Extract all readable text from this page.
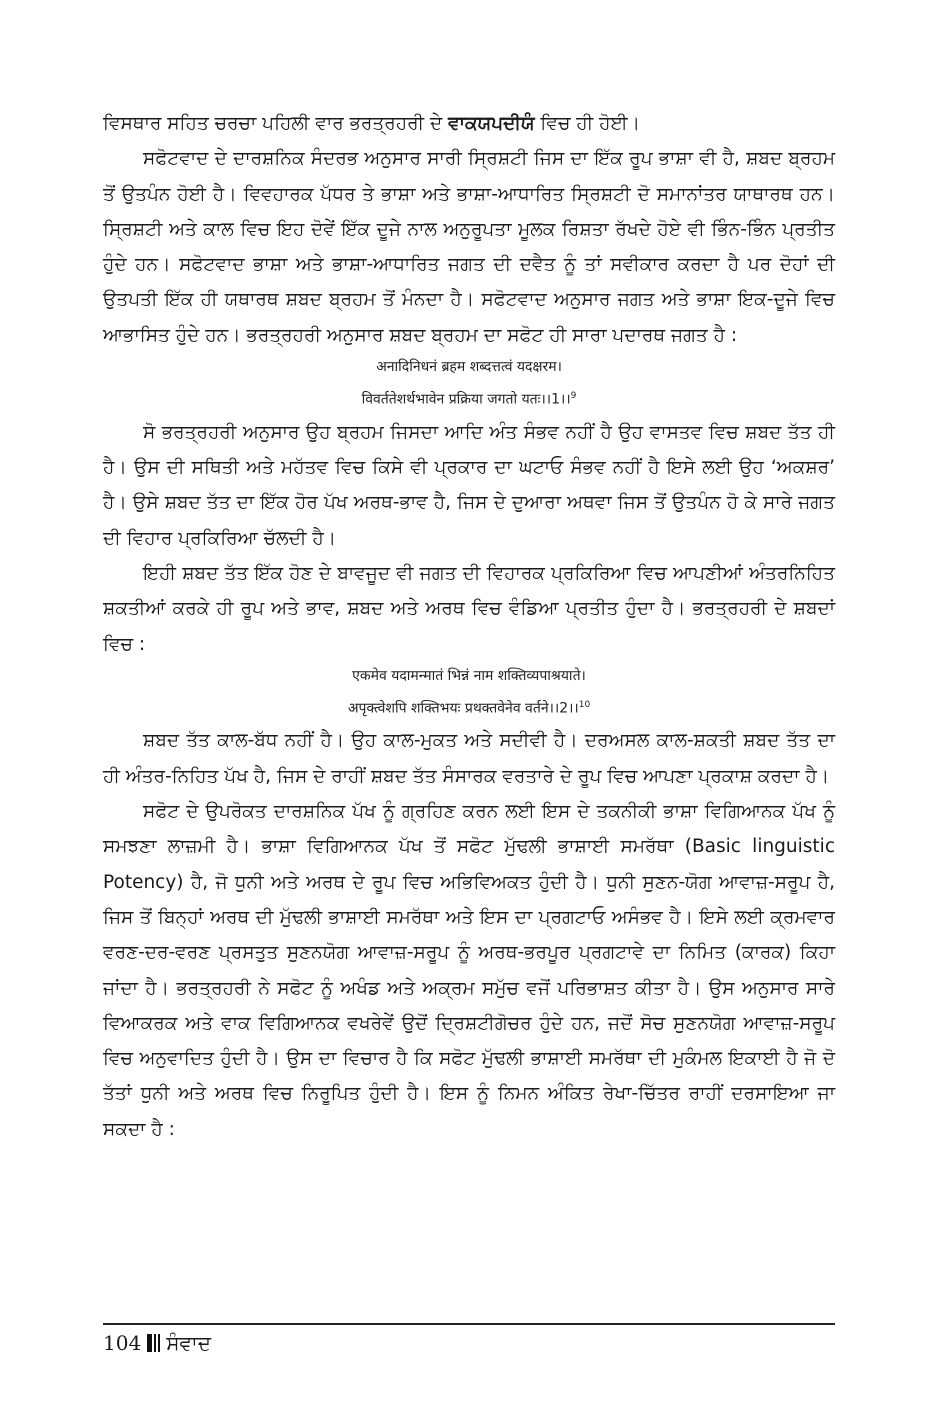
ਵਿਸਥਾਰ ਸਹਿਤ ਚਰਚਾ ਪਹਿਲੀ ਵਾਰ ਭਰਤ੍ਰਹਰੀ ਦੇ ਵਾਕਯਪਦੀਯੰ ਵਿਚ ਹੀ ਹੋਈ।

ਸਫੋਟਵਾਦ ਦੇ ਦਾਰਸ਼ਨਿਕ ਸੰਦਰਭ ਅਨੁਸਾਰ ਸਾਰੀ ਸ੍ਰਿਸ਼ਟੀ ਜਿਸ ਦਾ ਇੱਕ ਰੂਪ ਭਾਸ਼ਾ ਵੀ ਹੈ, ਸ਼ਬਦ ਬ੍ਰਹਮ ਤੋਂ ਉਤਪੰਨ ਹੋਈ ਹੈ। ਵਿਵਹਾਰਕ ਪੱਧਰ ਤੇ ਭਾਸ਼ਾ ਅਤੇ ਭਾਸ਼ਾ-ਆਧਾਰਿਤ ਸ੍ਰਿਸ਼ਟੀ ਦੋ ਸਮਾਨਾਂਤਰ ਯਾਥਾਰਥ ਹਨ। ਸ੍ਰਿਸ਼ਟੀ ਅਤੇ ਕਾਲ ਵਿਚ ਇਹ ਦੋਵੇਂ ਇੱਕ ਦੂਜੇ ਨਾਲ ਅਨੁਰੂਪਤਾ ਮੂਲਕ ਰਿਸ਼ਤਾ ਰੱਖਦੇ ਹੋਏ ਵੀ ਭਿੰਨ-ਭਿੰਨ ਪ੍ਰਤੀਤ ਹੁੰਦੇ ਹਨ। ਸਫੋਟਵਾਦ ਭਾਸ਼ਾ ਅਤੇ ਭਾਸ਼ਾ-ਆਧਾਰਿਤ ਜਗਤ ਦੀ ਦਵੈਤ ਨੂੰ ਤਾਂ ਸਵੀਕਾਰ ਕਰਦਾ ਹੈ ਪਰ ਦੋਹਾਂ ਦੀ ਉਤਪਤੀ ਇੱਕ ਹੀ ਯਥਾਰਥ ਸ਼ਬਦ ਬ੍ਰਹਮ ਤੋਂ ਮੰਨਦਾ ਹੈ। ਸਫੋਟਵਾਦ ਅਨੁਸਾਰ ਜਗਤ ਅਤੇ ਭਾਸ਼ਾ ਇਕ-ਦੂਜੇ ਵਿਚ ਆਭਾਸਿਤ ਹੁੰਦੇ ਹਨ। ਭਰਤ੍ਰਹਰੀ ਅਨੁਸਾਰ ਸ਼ਬਦ ਬ੍ਰਹਮ ਦਾ ਸਫੋਟ ਹੀ ਸਾਰਾ ਪਦਾਰਥ ਜਗਤ ਹੈ :

अनादिनिधनं ब्रहम शब्दत्तत्वं यदक्षरम।

विवर्ततेशर्थभावेन प्रक्रिया जगतो यतः।।1।।$^9$

ਸੋ ਭਰਤ੍ਰਹਰੀ ਅਨੁਸਾਰ ਉਹ ਬ੍ਰਹਮ ਜਿਸਦਾ ਆਦਿ ਅੰਤ ਸੰਭਵ ਨਹੀਂ ਹੈ ਉਹ ਵਾਸਤਵ ਵਿਚ ਸ਼ਬਦ ਤੱਤ ਹੀ ਹੈ। ਉਸ ਦੀ ਸਥਿਤੀ ਅਤੇ ਮਹੱਤਵ ਵਿਚ ਕਿਸੇ ਵੀ ਪ੍ਰਕਾਰ ਦਾ ਘਟਾਓ ਸੰਭਵ ਨਹੀਂ ਹੈ ਇਸੇ ਲਈ ਉਹ ‘ਅਕਸ਼ਰ’ ਹੈ। ਉਸੇ ਸ਼ਬਦ ਤੱਤ ਦਾ ਇੱਕ ਹੋਰ ਪੱਖ ਅਰਥ-ਭਾਵ ਹੈ, ਜਿਸ ਦੇ ਦੁਆਰਾ ਅਥਵਾ ਜਿਸ ਤੋਂ ਉਤਪੰਨ ਹੋ ਕੇ ਸਾਰੇ ਜਗਤ ਦੀ ਵਿਹਾਰ ਪ੍ਰਕਿਰਿਆ ਚੱਲਦੀ ਹੈ।

ਇਹੀ ਸ਼ਬਦ ਤੱਤ ਇੱਕ ਹੋਣ ਦੇ ਬਾਵਜੂਦ ਵੀ ਜਗਤ ਦੀ ਵਿਹਾਰਕ ਪ੍ਰਕਿਰਿਆ ਵਿਚ ਆਪਣੀਆਂ ਅੰਤਰਨਿਹਿਤ ਸ਼ਕਤੀਆਂ ਕਰਕੇ ਹੀ ਰੂਪ ਅਤੇ ਭਾਵ, ਸ਼ਬਦ ਅਤੇ ਅਰਥ ਵਿਚ ਵੰਡਿਆ ਪ੍ਰਤੀਤ ਹੁੰਦਾ ਹੈ। ਭਰਤ੍ਰਹਰੀ ਦੇ ਸ਼ਬਦਾਂ ਵਿਚ :

एकमेव यदामन्मातं भिन्नं नाम शक्तिव्यपाश्रयाते।

अपृक्त्वेशपि शक्तिभयः प्रथक्तवेनेव वर्तने।।2।।$^{10}$

ਸ਼ਬਦ ਤੱਤ ਕਾਲ-ਬੱਧ ਨਹੀਂ ਹੈ। ਉਹ ਕਾਲ-ਮੁਕਤ ਅਤੇ ਸਦੀਵੀ ਹੈ। ਦਰਅਸਲ ਕਾਲ-ਸ਼ਕਤੀ ਸ਼ਬਦ ਤੱਤ ਦਾ ਹੀ ਅੰਤਰ-ਨਿਹਿਤ ਪੱਖ ਹੈ, ਜਿਸ ਦੇ ਰਾਹੀਂ ਸ਼ਬਦ ਤੱਤ ਸੰਸਾਰਕ ਵਰਤਾਰੇ ਦੇ ਰੂਪ ਵਿਚ ਆਪਣਾ ਪ੍ਰਕਾਸ਼ ਕਰਦਾ ਹੈ।

ਸਫੋਟ ਦੇ ਉਪਰੋਕਤ ਦਾਰਸ਼ਨਿਕ ਪੱਖ ਨੂੰ ਗ੍ਰਹਿਣ ਕਰਨ ਲਈ ਇਸ ਦੇ ਤਕਨੀਕੀ ਭਾਸ਼ਾ ਵਿਗਿਆਨਕ ਪੱਖ ਨੂੰ ਸਮਝਣਾ ਲਾਜ਼ਮੀ ਹੈ। ਭਾਸ਼ਾ ਵਿਗਿਆਨਕ ਪੱਖ ਤੋਂ ਸਫੋਟ ਮੁੱਢਲੀ ਭਾਸ਼ਾਈ ਸਮਰੱਥਾ (Basic linguistic Potency) ਹੈ, ਜੋ ਧੁਨੀ ਅਤੇ ਅਰਥ ਦੇ ਰੂਪ ਵਿਚ ਅਭਿਵਿਅਕਤ ਹੁੰਦੀ ਹੈ। ਧੁਨੀ ਸੁਣਨ-ਯੋਗ ਆਵਾਜ਼-ਸਰੂਪ ਹੈ, ਜਿਸ ਤੋਂ ਬਿਨ੍ਹਾਂ ਅਰਥ ਦੀ ਮੁੱਢਲੀ ਭਾਸ਼ਾਈ ਸਮਰੱਥਾ ਅਤੇ ਇਸ ਦਾ ਪ੍ਰਗਟਾਓ ਅਸੰਭਵ ਹੈ। ਇਸੇ ਲਈ ਕ੍ਰਮਵਾਰ ਵਰਣ-ਦਰ-ਵਰਣ ਪ੍ਰਸਤੁਤ ਸੁਣਨਯੋਗ ਆਵਾਜ਼-ਸਰੂਪ ਨੂੰ ਅਰਥ-ਭਰਪੂਰ ਪ੍ਰਗਟਾਵੇ ਦਾ ਨਿਮਿਤ (ਕਾਰਕ) ਕਿਹਾ ਜਾਂਦਾ ਹੈ। ਭਰਤ੍ਰਹਰੀ ਨੇ ਸਫੋਟ ਨੂੰ ਅਖੰਡ ਅਤੇ ਅਕ੍ਰਮ ਸਮੁੱਚ ਵਜੋਂ ਪਰਿਭਾਸ਼ਤ ਕੀਤਾ ਹੈ। ਉਸ ਅਨੁਸਾਰ ਸਾਰੇ ਵਿਆਕਰਕ ਅਤੇ ਵਾਕ ਵਿਗਿਆਨਕ ਵਖਰੇਵੇਂ ਉਦੋਂ ਦ੍ਰਿਸ਼ਟੀਗੋਚਰ ਹੁੰਦੇ ਹਨ, ਜਦੋਂ ਸੋਚ ਸੁਣਨਯੋਗ ਆਵਾਜ਼-ਸਰੂਪ ਵਿਚ ਅਨੁਵਾਦਿਤ ਹੁੰਦੀ ਹੈ। ਉਸ ਦਾ ਵਿਚਾਰ ਹੈ ਕਿ ਸਫੋਟ ਮੁੱਢਲੀ ਭਾਸ਼ਾਈ ਸਮਰੱਥਾ ਦੀ ਮੁਕੰਮਲ ਇਕਾਈ ਹੈ ਜੋ ਦੋ ਤੱਤਾਂ ਧੁਨੀ ਅਤੇ ਅਰਥ ਵਿਚ ਨਿਰੂਪਿਤ ਹੁੰਦੀ ਹੈ। ਇਸ ਨੂੰ ਨਿਮਨ ਅੰਕਿਤ ਰੇਖਾ-ਚਿੱਤਰ ਰਾਹੀਂ ਦਰਸਾਇਆ ਜਾ ਸਕਦਾ ਹੈ :

104 ਸੰਵਾਦ
